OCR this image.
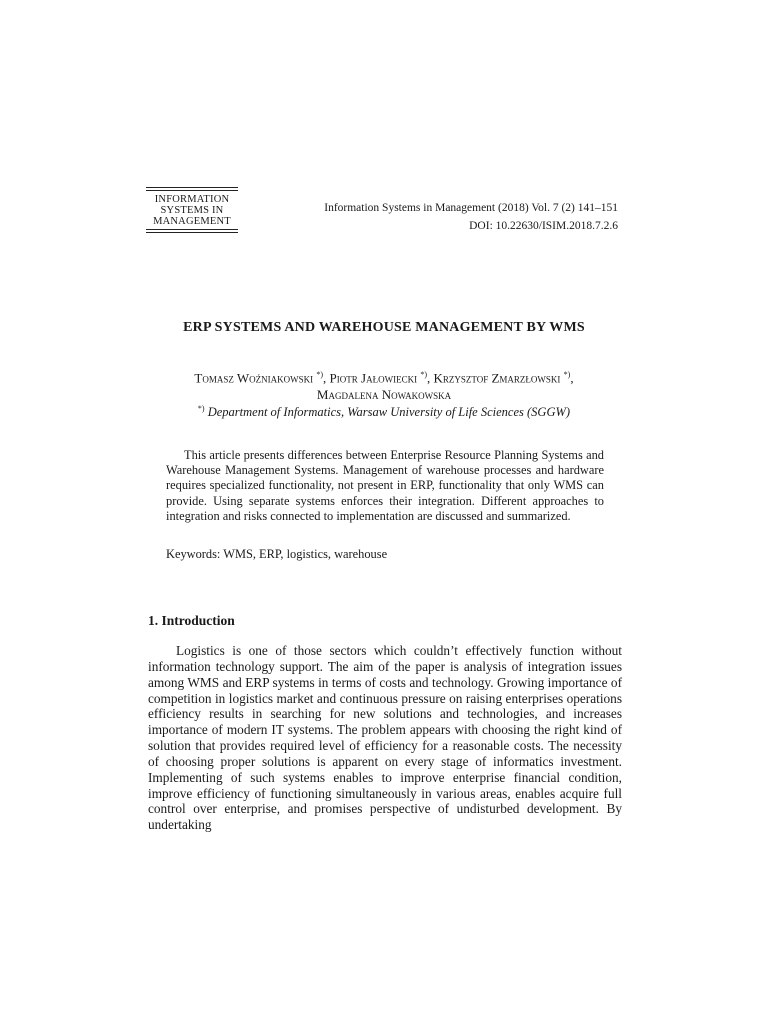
INFORMATION
SYSTEMS IN
MANAGEMENT
Information Systems in Management (2018) Vol. 7 (2) 141–151
DOI: 10.22630/ISIM.2018.7.2.6
ERP SYSTEMS AND WAREHOUSE MANAGEMENT BY WMS
Tomasz Woźniakowski *), Piotr Jałowiecki *), Krzysztof Zmarzłowski *),
Magdalena Nowakowska
*) Department of Informatics, Warsaw University of Life Sciences (SGGW)
This article presents differences between Enterprise Resource Planning Systems and Warehouse Management Systems. Management of warehouse processes and hardware requires specialized functionality, not present in ERP, functionality that only WMS can provide. Using separate systems enforces their integration. Different approaches to integration and risks connected to implementation are discussed and summarized.
Keywords: WMS, ERP, logistics, warehouse
1. Introduction
Logistics is one of those sectors which couldn’t effectively function without information technology support. The aim of the paper is analysis of integration issues among WMS and ERP systems in terms of costs and technology. Growing importance of competition in logistics market and continuous pressure on raising enterprises operations efficiency results in searching for new solutions and technologies, and increases importance of modern IT systems. The problem appears with choosing the right kind of solution that provides required level of efficiency for a reasonable costs. The necessity of choosing proper solutions is apparent on every stage of informatics investment. Implementing of such systems enables to improve enterprise financial condition, improve efficiency of functioning simultaneously in various areas, enables acquire full control over enterprise, and promises perspective of undisturbed development. By undertaking
